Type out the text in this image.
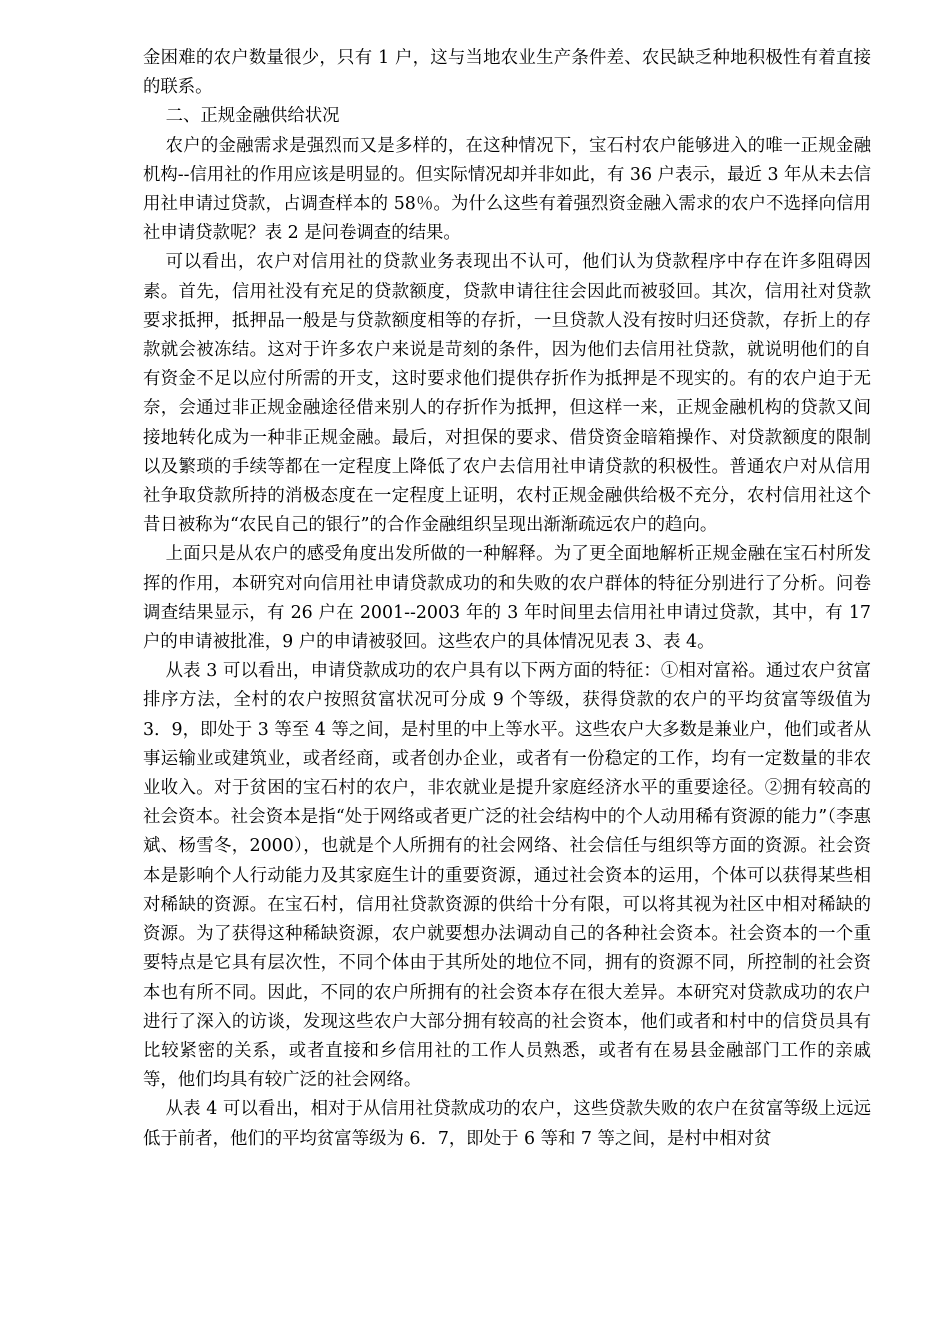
金困难的农户数量很少，只有 1 户，这与当地农业生产条件差、农民缺乏种地积极性有着直接的联系。

二、正规金融供给状况

农户的金融需求是强烈而又是多样的，在这种情况下，宝石村农户能够进入的唯一正规金融机构--信用社的作用应该是明显的。但实际情况却并非如此，有 36 户表示，最近 3 年从未去信用社申请过贷款，占调查样本的 58％。为什么这些有着强烈资金融入需求的农户不选择向信用社申请贷款呢？表 2 是问卷调查的结果。

可以看出，农户对信用社的贷款业务表现出不认可，他们认为贷款程序中存在许多阻碍因素。首先，信用社没有充足的贷款额度，贷款申请往往会因此而被驳回。其次，信用社对贷款要求抵押，抵押品一般是与贷款额度相等的存折，一旦贷款人没有按时归还贷款，存折上的存款就会被冻结。这对于许多农户来说是苛刻的条件，因为他们去信用社贷款，就说明他们的自有资金不足以应付所需的开支，这时要求他们提供存折作为抵押是不现实的。有的农户迫于无奈，会通过非正规金融途径借来别人的存折作为抵押，但这样一来，正规金融机构的贷款又间接地转化成为一种非正规金融。最后，对担保的要求、借贷资金暗箱操作、对贷款额度的限制以及繁琐的手续等都在一定程度上降低了农户去信用社申请贷款的积极性。普通农户对从信用社争取贷款所持的消极态度在一定程度上证明，农村正规金融供给极不充分，农村信用社这个昔日被称为“农民自己的银行”的合作金融组织呈现出渐渐疏远农户的趋向。

上面只是从农户的感受角度出发所做的一种解释。为了更全面地解析正规金融在宝石村所发挥的作用，本研究对向信用社申请贷款成功的和失败的农户群体的特征分别进行了分析。问卷调查结果显示，有 26 户在 2001--2003 年的 3 年时间里去信用社申请过贷款，其中，有 17 户的申请被批准，9 户的申请被驳回。这些农户的具体情况见表 3、表 4。

从表 3 可以看出，申请贷款成功的农户具有以下两方面的特征：①相对富裕。通过农户贫富排序方法，全村的农户按照贫富状况可分成 9 个等级，获得贷款的农户的平均贫富等级值为 3．9，即处于 3 等至 4 等之间，是村里的中上等水平。这些农户大多数是兼业户，他们或者从事运输业或建筑业，或者经商，或者创办企业，或者有一份稳定的工作，均有一定数量的非农业收入。对于贫困的宝石村的农户，非农就业是提升家庭经济水平的重要途径。②拥有较高的社会资本。社会资本是指“处于网络或者更广泛的社会结构中的个人动用稀有资源的能力”（李惠斌、杨雪冬，2000），也就是个人所拥有的社会网络、社会信任与组织等方面的资源。社会资本是影响个人行动能力及其家庭生计的重要资源，通过社会资本的运用，个体可以获得某些相对稀缺的资源。在宝石村，信用社贷款资源的供给十分有限，可以将其视为社区中相对稀缺的资源。为了获得这种稀缺资源，农户就要想办法调动自己的各种社会资本。社会资本的一个重要特点是它具有层次性，不同个体由于其所处的地位不同，拥有的资源不同，所控制的社会资本也有所不同。因此，不同的农户所拥有的社会资本存在很大差异。本研究对贷款成功的农户进行了深入的访谈，发现这些农户大部分拥有较高的社会资本，他们或者和村中的信贷员具有比较紧密的关系，或者直接和乡信用社的工作人员熟悉，或者有在易县金融部门工作的亲戚等，他们均具有较广泛的社会网络。

从表 4 可以看出，相对于从信用社贷款成功的农户，这些贷款失败的农户在贫富等级上远远低于前者，他们的平均贫富等级为 6．7，即处于 6 等和 7 等之间，是村中相对贫
